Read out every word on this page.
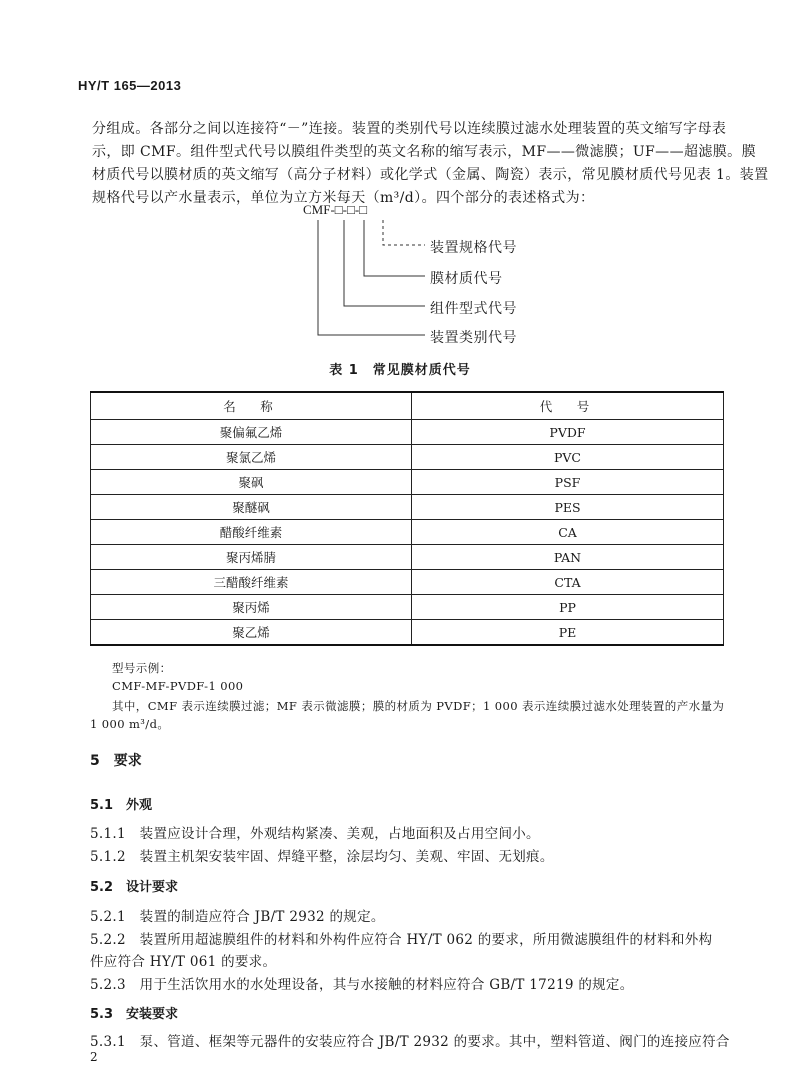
HY/T 165—2013
分组成。各部分之间以连接符“－”连接。装置的类别代号以连续膜过滤水处理装置的英文缩写字母表
示，即 CMF。组件型式代号以膜组件类型的英文名称的缩写表示，MF——微滤膜；UF——超滤膜。膜
材质代号以膜材质的英文缩写（高分子材料）或化学式（金属、陶瓷）表示，常见膜材质代号见表 1。装置
规格代号以产水量表示，单位为立方米每天（m³/d）。四个部分的表述格式为：
CMF-□-□-□
装置规格代号
膜材质代号
组件型式代号
装置类别代号
表 1　常见膜材质代号
名　称	代　号
聚偏氟乙烯	PVDF
聚氯乙烯	PVC
聚砜	PSF
聚醚砜	PES
醋酸纤维素	CA
聚丙烯腈	PAN
三醋酸纤维素	CTA
聚丙烯	PP
聚乙烯	PE
型号示例：
CMF-MF-PVDF-1 000
其中，CMF 表示连续膜过滤；MF 表示微滤膜；膜的材质为 PVDF；1 000 表示连续膜过滤水处理装置的产水量为
1 000 m³/d。
5　要求
5.1　外观
5.1.1　装置应设计合理，外观结构紧凑、美观，占地面积及占用空间小。
5.1.2　装置主机架安装牢固、焊缝平整，涂层均匀、美观、牢固、无划痕。
5.2　设计要求
5.2.1　装置的制造应符合 JB/T 2932 的规定。
5.2.2　装置所用超滤膜组件的材料和外构件应符合 HY/T 062 的要求，所用微滤膜组件的材料和外构
件应符合 HY/T 061 的要求。
5.2.3　用于生活饮用水的水处理设备，其与水接触的材料应符合 GB/T 17219 的规定。
5.3　安装要求
5.3.1　泵、管道、框架等元器件的安装应符合 JB/T 2932 的要求。其中，塑料管道、阀门的连接应符合
2
